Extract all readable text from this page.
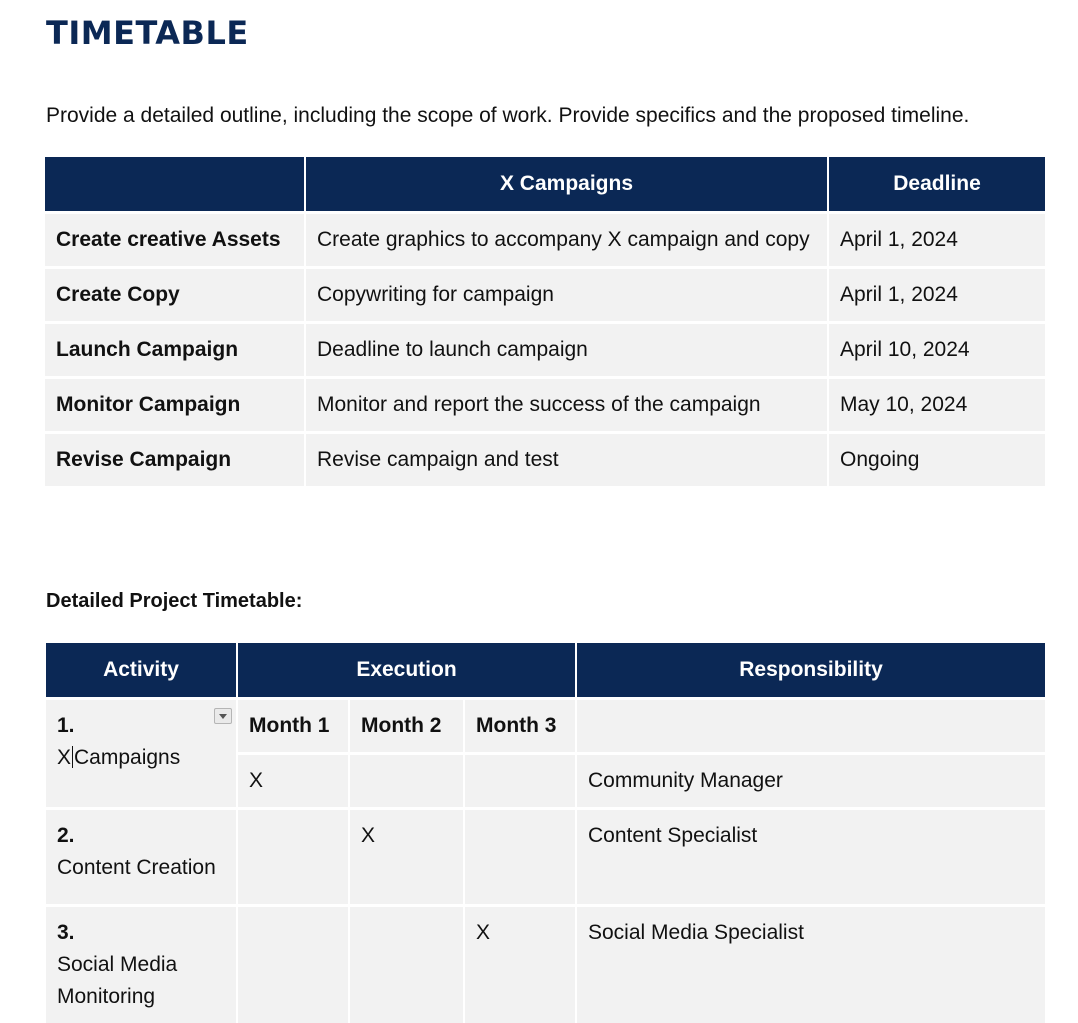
TIMETABLE

Provide a detailed outline, including the scope of work. Provide specifics and the proposed timeline.

	X Campaigns	Deadline
Create creative Assets	Create graphics to accompany X campaign and copy	April 1, 2024
Create Copy	Copywriting for campaign	April 1, 2024
Launch Campaign	Deadline to launch campaign	April 10, 2024
Monitor Campaign	Monitor and report the success of the campaign	May 10, 2024
Revise Campaign	Revise campaign and test	Ongoing

Detailed Project Timetable:

Activity	Execution			Responsibility

1.
X Campaigns	Month 1	Month 2	Month 3	
	X			Community Manager

2.
Content Creation		X		Content Specialist

3.
Social Media Monitoring			X	Social Media Specialist
